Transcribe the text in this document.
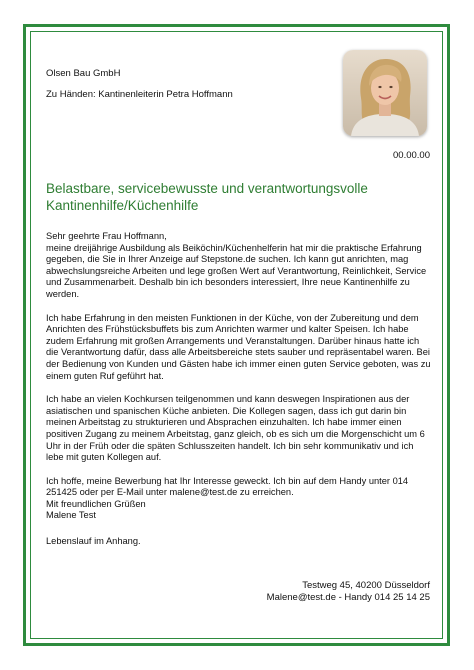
Olsen Bau GmbH
Zu Händen: Kantinenleiterin Petra Hoffmann
00.00.00
Belastbare, servicebewusste und verantwortungsvolle Kantinenhilfe/Küchenhilfe

Sehr geehrte Frau Hoffmann,

meine dreijährige Ausbildung als Beiköchin/Küchenhelferin hat mir die praktische Erfahrung gegeben, die Sie in Ihrer Anzeige auf Stepstone.de suchen. Ich kann gut anrichten, mag abwechslungsreiche Arbeiten und lege großen Wert auf Verantwortung, Reinlichkeit, Service und Zusammenarbeit. Deshalb bin ich besonders interessiert, Ihre neue Kantinenhilfe zu werden.

Ich habe Erfahrung in den meisten Funktionen in der Küche, von der Zubereitung und dem Anrichten des Frühstücksbuffets bis zum Anrichten warmer und kalter Speisen. Ich habe zudem Erfahrung mit großen Arrangements und Veranstaltungen. Darüber hinaus hatte ich die Verantwortung dafür, dass alle Arbeitsbereiche stets sauber und repräsentabel waren. Bei der Bedienung von Kunden und Gästen habe ich immer einen guten Service geboten, was zu einem guten Ruf geführt hat.

Ich habe an vielen Kochkursen teilgenommen und kann deswegen Inspirationen aus der asiatischen und spanischen Küche anbieten. Die Kollegen sagen, dass ich gut darin bin meinen Arbeitstag zu strukturieren und Absprachen einzuhalten. Ich habe immer einen positiven Zugang zu meinem Arbeitstag, ganz gleich, ob es sich um die Morgenschicht um 6 Uhr in der Früh oder die späten Schlusszeiten handelt. Ich bin sehr kommunikativ und ich lebe mit guten Kollegen auf.

Ich hoffe, meine Bewerbung hat Ihr Interesse geweckt. Ich bin auf dem Handy unter 014 251425 oder per E-Mail unter malene@test.de zu erreichen.

Mit freundlichen Grüßen

Malene Test

Lebenslauf im Anhang.

Testweg 45, 40200 Düsseldorf
Malene@test.de - Handy 014 25 14 25
